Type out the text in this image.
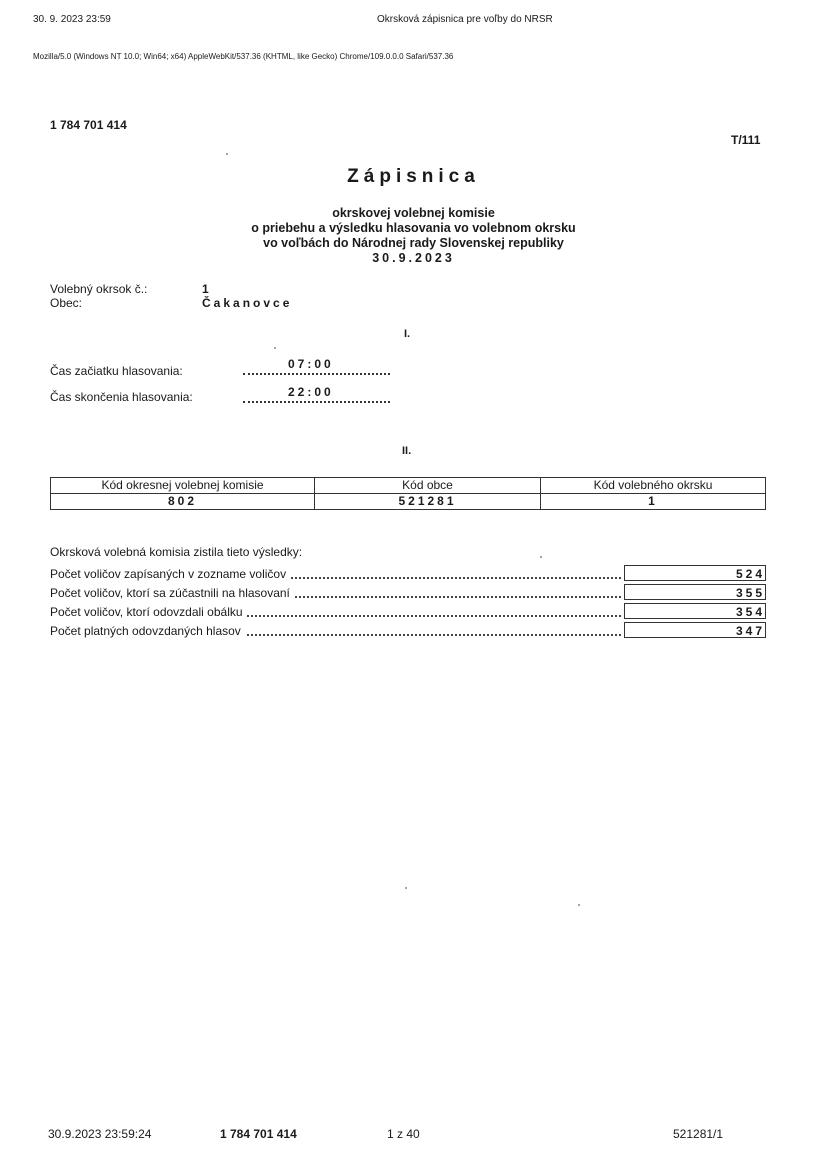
30. 9. 2023 23:59	Okrsková zápisnica pre voľby do NRSR
Mozilla/5.0 (Windows NT 10.0; Win64; x64) AppleWebKit/537.36 (KHTML, like Gecko) Chrome/109.0.0.0 Safari/537.36
1 784 701 414
T/111
Zápisnica
okrskovej volebnej komisie
o priebehu a výsledku hlasovania vo volebnom okrsku
vo voľbách do Národnej rady Slovenskej republiky
30.9.2023
Volebný okrsok č.:	1
Obec:	Čakanovce
I.
Čas začiatku hlasovania:	07:00
Čas skončenia hlasovania:	22:00
II.
Kód okresnej volebnej komisie	Kód obce	Kód volebného okrsku
802	521281	1
Okrsková volebná komisia zistila tieto výsledky:
Počet voličov zapísaných v zozname voličov	524
Počet voličov, ktorí sa zúčastnili na hlasovaní	355
Počet voličov, ktorí odovzdali obálku	354
Počet platných odovzdaných hlasov	347
30.9.2023 23:59:24	1 784 701 414	1 z 40	521281/1
